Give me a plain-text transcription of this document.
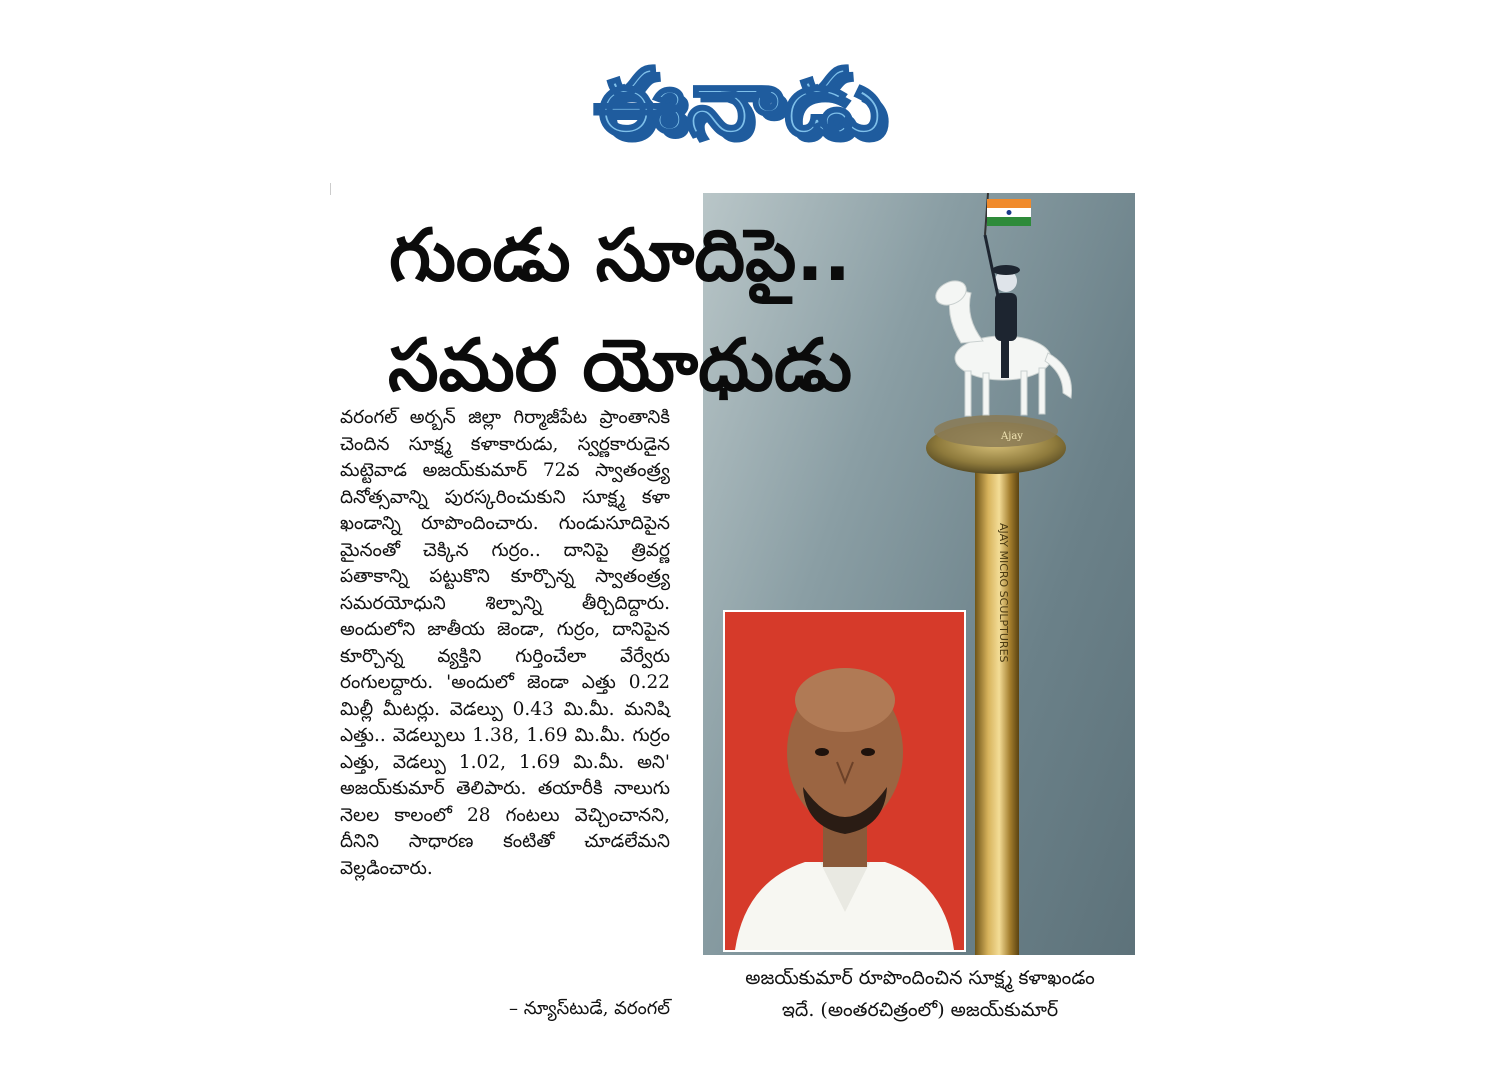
ఈనాడు
Ajay
AJAY MICRO SCULPTURES
గుండు సూదిపై..
సమర యోధుడు
వరంగల్ అర్బన్ జిల్లా గిర్మాజీపేట ప్రాంతానికి చెందిన సూక్ష్మ కళాకారుడు, స్వర్ణకారుడైన మట్టెవాడ అజయ్‌కుమార్ 72వ స్వాతంత్ర్య దినోత్సవాన్ని పురస్కరించుకుని సూక్ష్మ కళా ఖండాన్ని రూపొందించారు. గుండుసూదిపైన మైనంతో చెక్కిన గుర్రం.. దానిపై త్రివర్ణ పతాకాన్ని పట్టుకొని కూర్చొన్న స్వాతంత్ర్య సమరయోధుని శిల్పాన్ని తీర్చిదిద్దారు. అందులోని జాతీయ జెండా, గుర్రం, దానిపైన కూర్చొన్న వ్యక్తిని గుర్తించేలా వేర్వేరు రంగులద్దారు. 'అందులో జెండా ఎత్తు 0.22 మిల్లీ మీటర్లు. వెడల్పు 0.43 మి.మీ. మనిషి ఎత్తు.. వెడల్పులు 1.38, 1.69 మి.మీ. గుర్రం ఎత్తు, వెడల్పు 1.02, 1.69 మి.మీ. అని' అజయ్‌కుమార్ తెలిపారు. తయారీకి నాలుగు నెలల కాలంలో 28 గంటలు వెచ్చించానని, దీనిని సాధారణ కంటితో చూడలేమని వెల్లడించారు.
– న్యూస్‌టుడే, వరంగల్
అజయ్‌కుమార్ రూపొందించిన సూక్ష్మ కళాఖండం
ఇదే. (అంతరచిత్రంలో) అజయ్‌కుమార్
